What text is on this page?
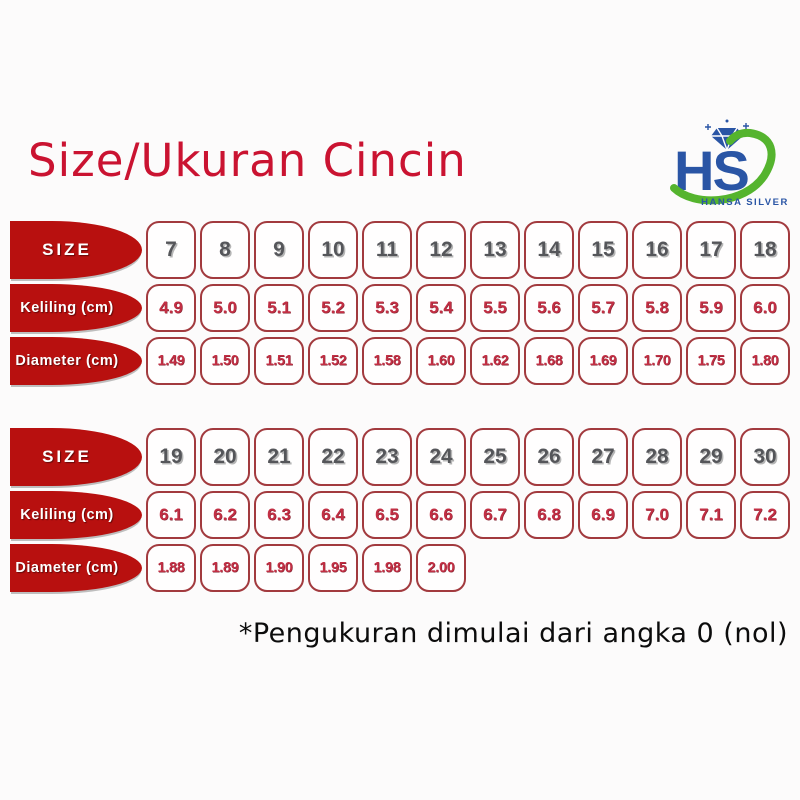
Size/Ukuran Cincin	HS
HANSA SILVER
SIZE	7	8	9	10	11	12	13	14	15	16	17	18
Keliling (cm)	4.9	5.0	5.1	5.2	5.3	5.4	5.5	5.6	5.7	5.8	5.9	6.0
Diameter (cm)	1.49	1.50	1.51	1.52	1.58	1.60	1.62	1.68	1.69	1.70	1.75	1.80
SIZE	19	20	21	22	23	24	25	26	27	28	29	30
Keliling (cm)	6.1	6.2	6.3	6.4	6.5	6.6	6.7	6.8	6.9	7.0	7.1	7.2
Diameter (cm)	1.88	1.89	1.90	1.95	1.98	2.00
*Pengukuran dimulai dari angka 0 (nol)
